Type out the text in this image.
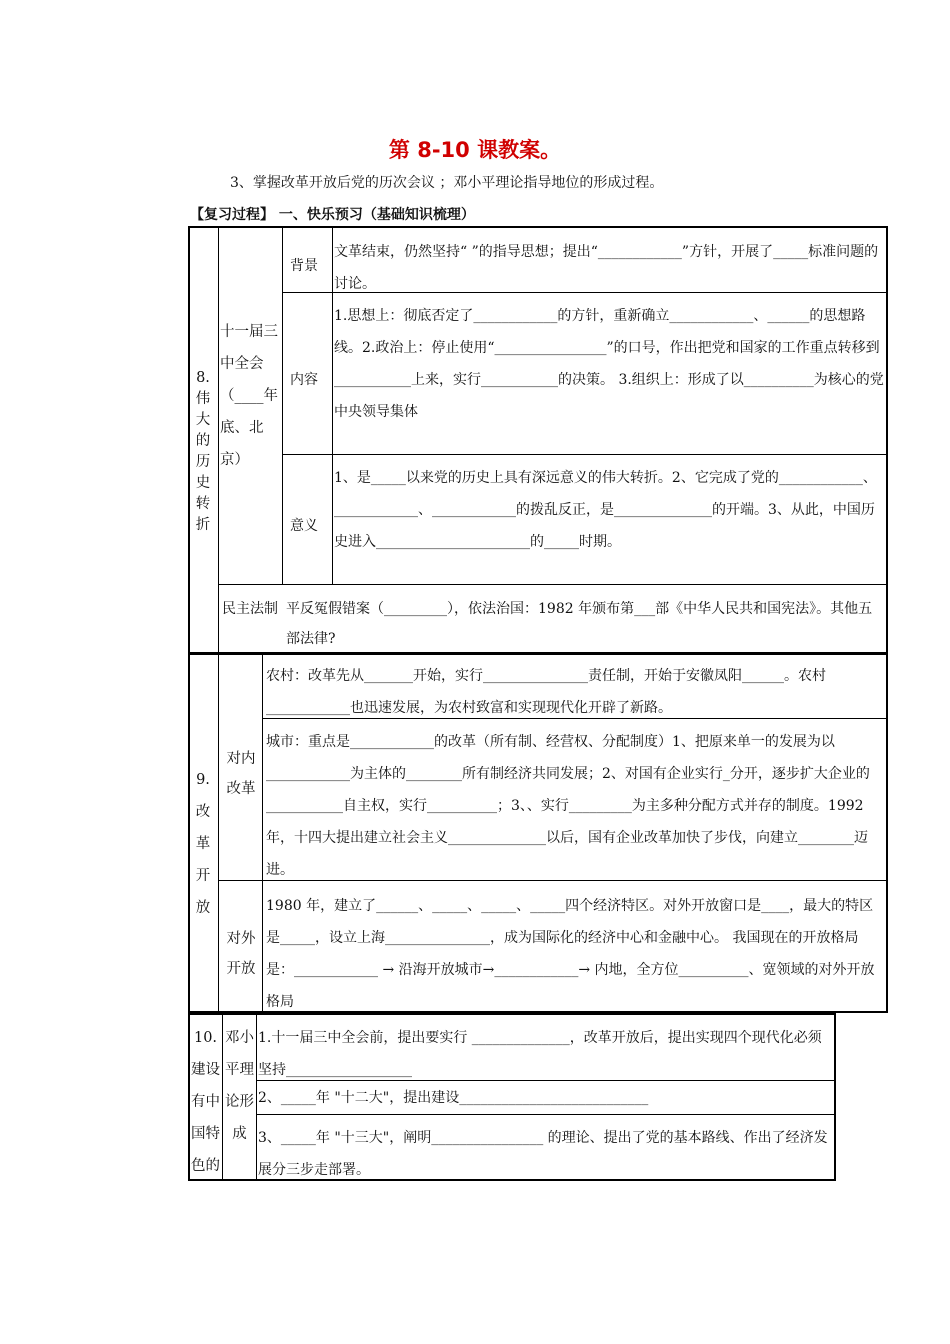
第 8-10 课教案。
3、掌握改革开放后党的历次会议 ；邓小平理论指导地位的形成过程。
【复习过程】 一、快乐预习（基础知识梳理）
8.伟大的历史转折
十一届三中全会（____年底、北京）
背景
文革结束，仍然坚持“ ”的指导思想；提出“____________”方针，开展了_____标准问题的讨论。
内容
1.思想上：彻底否定了____________的方针，重新确立____________、______的思想路线。2.政治上：停止使用“________________”的口号，作出把党和国家的工作重点转移到___________上来，实行___________的决策。 3.组织上：形成了以__________为核心的党中央领导集体
意义
1、是_____以来党的历史上具有深远意义的伟大转折。2、它完成了党的____________、____________、____________的拨乱反正，是______________的开端。3、从此，中国历史进入______________________的_____时期。
民主法制 平反冤假错案（_________），依法治国：1982 年颁布第___部《中华人民共和国宪法》。其他五部法律?
9.改革开放
对内改革
农村：改革先从_______开始，实行_______________责任制，开始于安徽凤阳______。农村____________也迅速发展，为农村致富和实现现代化开辟了新路。
城市：重点是____________的改革（所有制、经营权、分配制度）1、把原来单一的发展为以____________为主体的________所有制经济共同发展；2、对国有企业实行_分开，逐步扩大企业的___________自主权，实行__________；3、、实行_________为主多种分配方式并存的制度。1992 年，十四大提出建立社会主义______________以后，国有企业改革加快了步伐，向建立________迈进。
对外开放
1980 年，建立了______、_____、_____、_____四个经济特区。对外开放窗口是____，最大的特区是_____，设立上海_______________，成为国际化的经济中心和金融中心。 我国现在的开放格局是：____________ → 沿海开放城市→____________→ 内地，全方位__________、宽领域的对外开放格局
10.建设有中国特色的
邓小平理论形成
1.十一届三中全会前，提出要实行 ______________，改革开放后，提出实现四个现代化必须坚持__________________
2、_____年 "十二大"，提出建设___________________________
3、_____年 "十三大"，阐明________________ 的理论、提出了党的基本路线、作出了经济发展分三步走部署。
